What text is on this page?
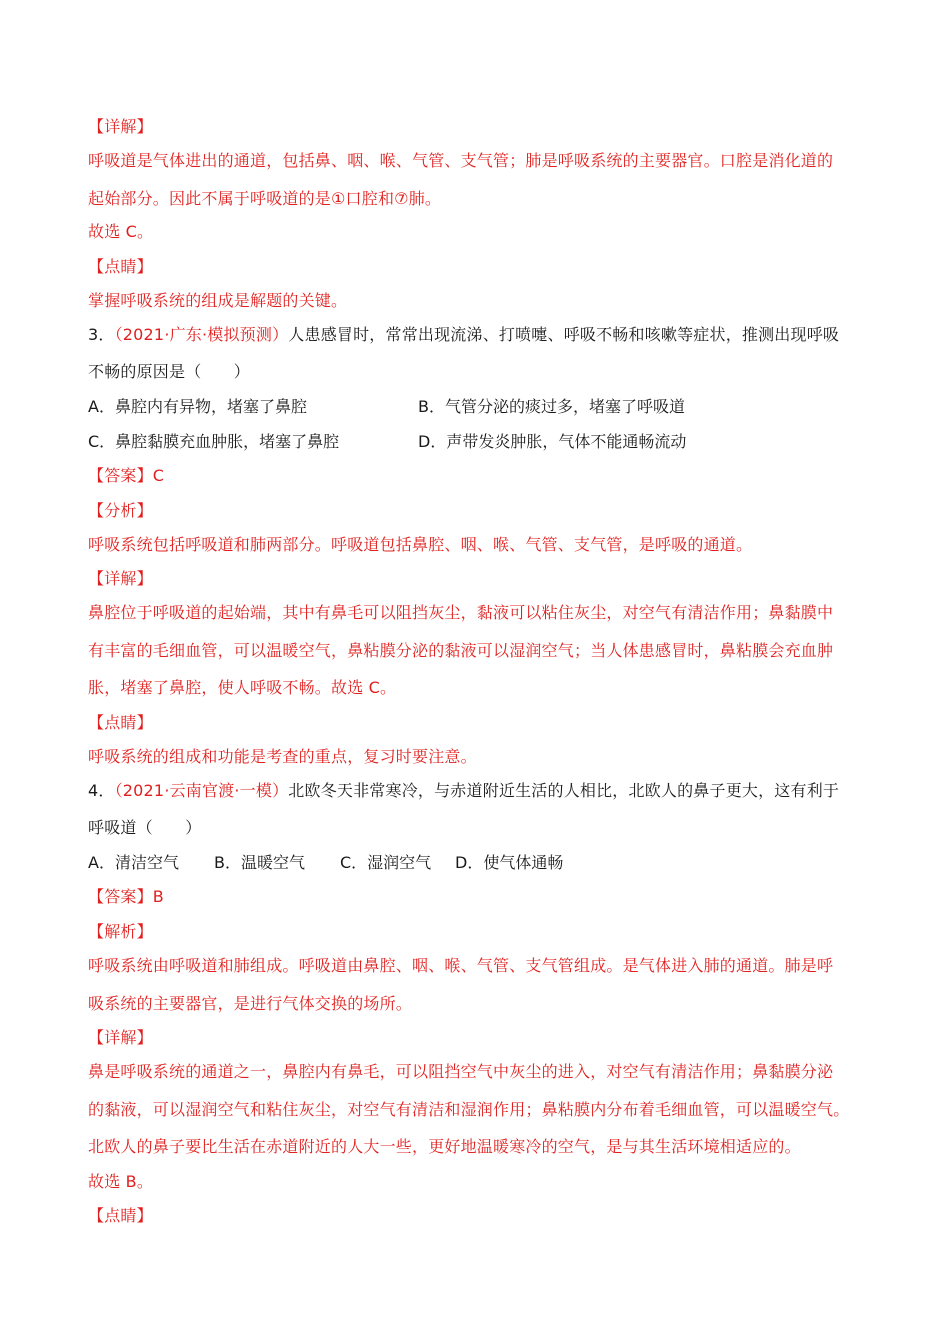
【详解】
呼吸道是气体进出的通道，包括鼻、咽、喉、气管、支气管；肺是呼吸系统的主要器官。口腔是消化道的
起始部分。因此不属于呼吸道的是①口腔和⑦肺。
故选 C。
【点睛】
掌握呼吸系统的组成是解题的关键。
3．（2021·广东·模拟预测）人患感冒时，常常出现流涕、打喷嚏、呼吸不畅和咳嗽等症状，推测出现呼吸
不畅的原因是（　　）
A．鼻腔内有异物，堵塞了鼻腔	B．气管分泌的痰过多，堵塞了呼吸道
C．鼻腔黏膜充血肿胀，堵塞了鼻腔	D．声带发炎肿胀，气体不能通畅流动
【答案】C
【分析】
呼吸系统包括呼吸道和肺两部分。呼吸道包括鼻腔、咽、喉、气管、支气管，是呼吸的通道。
【详解】
鼻腔位于呼吸道的起始端，其中有鼻毛可以阻挡灰尘，黏液可以粘住灰尘，对空气有清洁作用；鼻黏膜中
有丰富的毛细血管，可以温暖空气，鼻粘膜分泌的黏液可以湿润空气；当人体患感冒时，鼻粘膜会充血肿
胀，堵塞了鼻腔，使人呼吸不畅。故选 C。
【点睛】
呼吸系统的组成和功能是考查的重点，复习时要注意。
4．（2021·云南官渡·一模）北欧冬天非常寒冷，与赤道附近生活的人相比，北欧人的鼻子更大，这有利于
呼吸道（　　）
A．清洁空气 B．温暖空气 C．湿润空气 D．使气体通畅
【答案】B
【解析】
呼吸系统由呼吸道和肺组成。呼吸道由鼻腔、咽、喉、气管、支气管组成。是气体进入肺的通道。肺是呼
吸系统的主要器官，是进行气体交换的场所。
【详解】
鼻是呼吸系统的通道之一，鼻腔内有鼻毛，可以阻挡空气中灰尘的进入，对空气有清洁作用；鼻黏膜分泌
的黏液，可以湿润空气和粘住灰尘，对空气有清洁和湿润作用；鼻粘膜内分布着毛细血管，可以温暖空气。
北欧人的鼻子要比生活在赤道附近的人大一些，更好地温暖寒冷的空气，是与其生活环境相适应的。
故选 B。
【点睛】
